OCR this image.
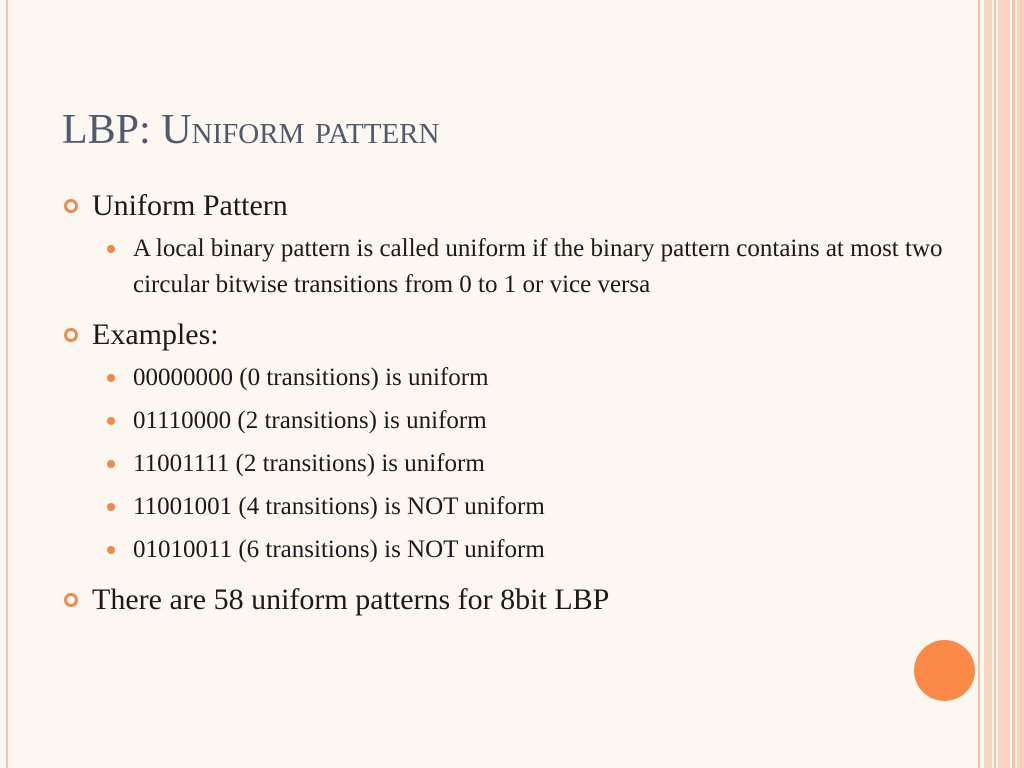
LBP: Uniform pattern
Uniform Pattern
A local binary pattern is called uniform if the binary pattern contains at most two circular bitwise transitions from 0 to 1 or vice versa
Examples:
00000000 (0 transitions) is uniform
01110000 (2 transitions) is uniform
11001111 (2 transitions) is uniform
11001001 (4 transitions) is NOT uniform
01010011 (6 transitions) is NOT uniform
There are 58 uniform patterns for 8bit LBP
